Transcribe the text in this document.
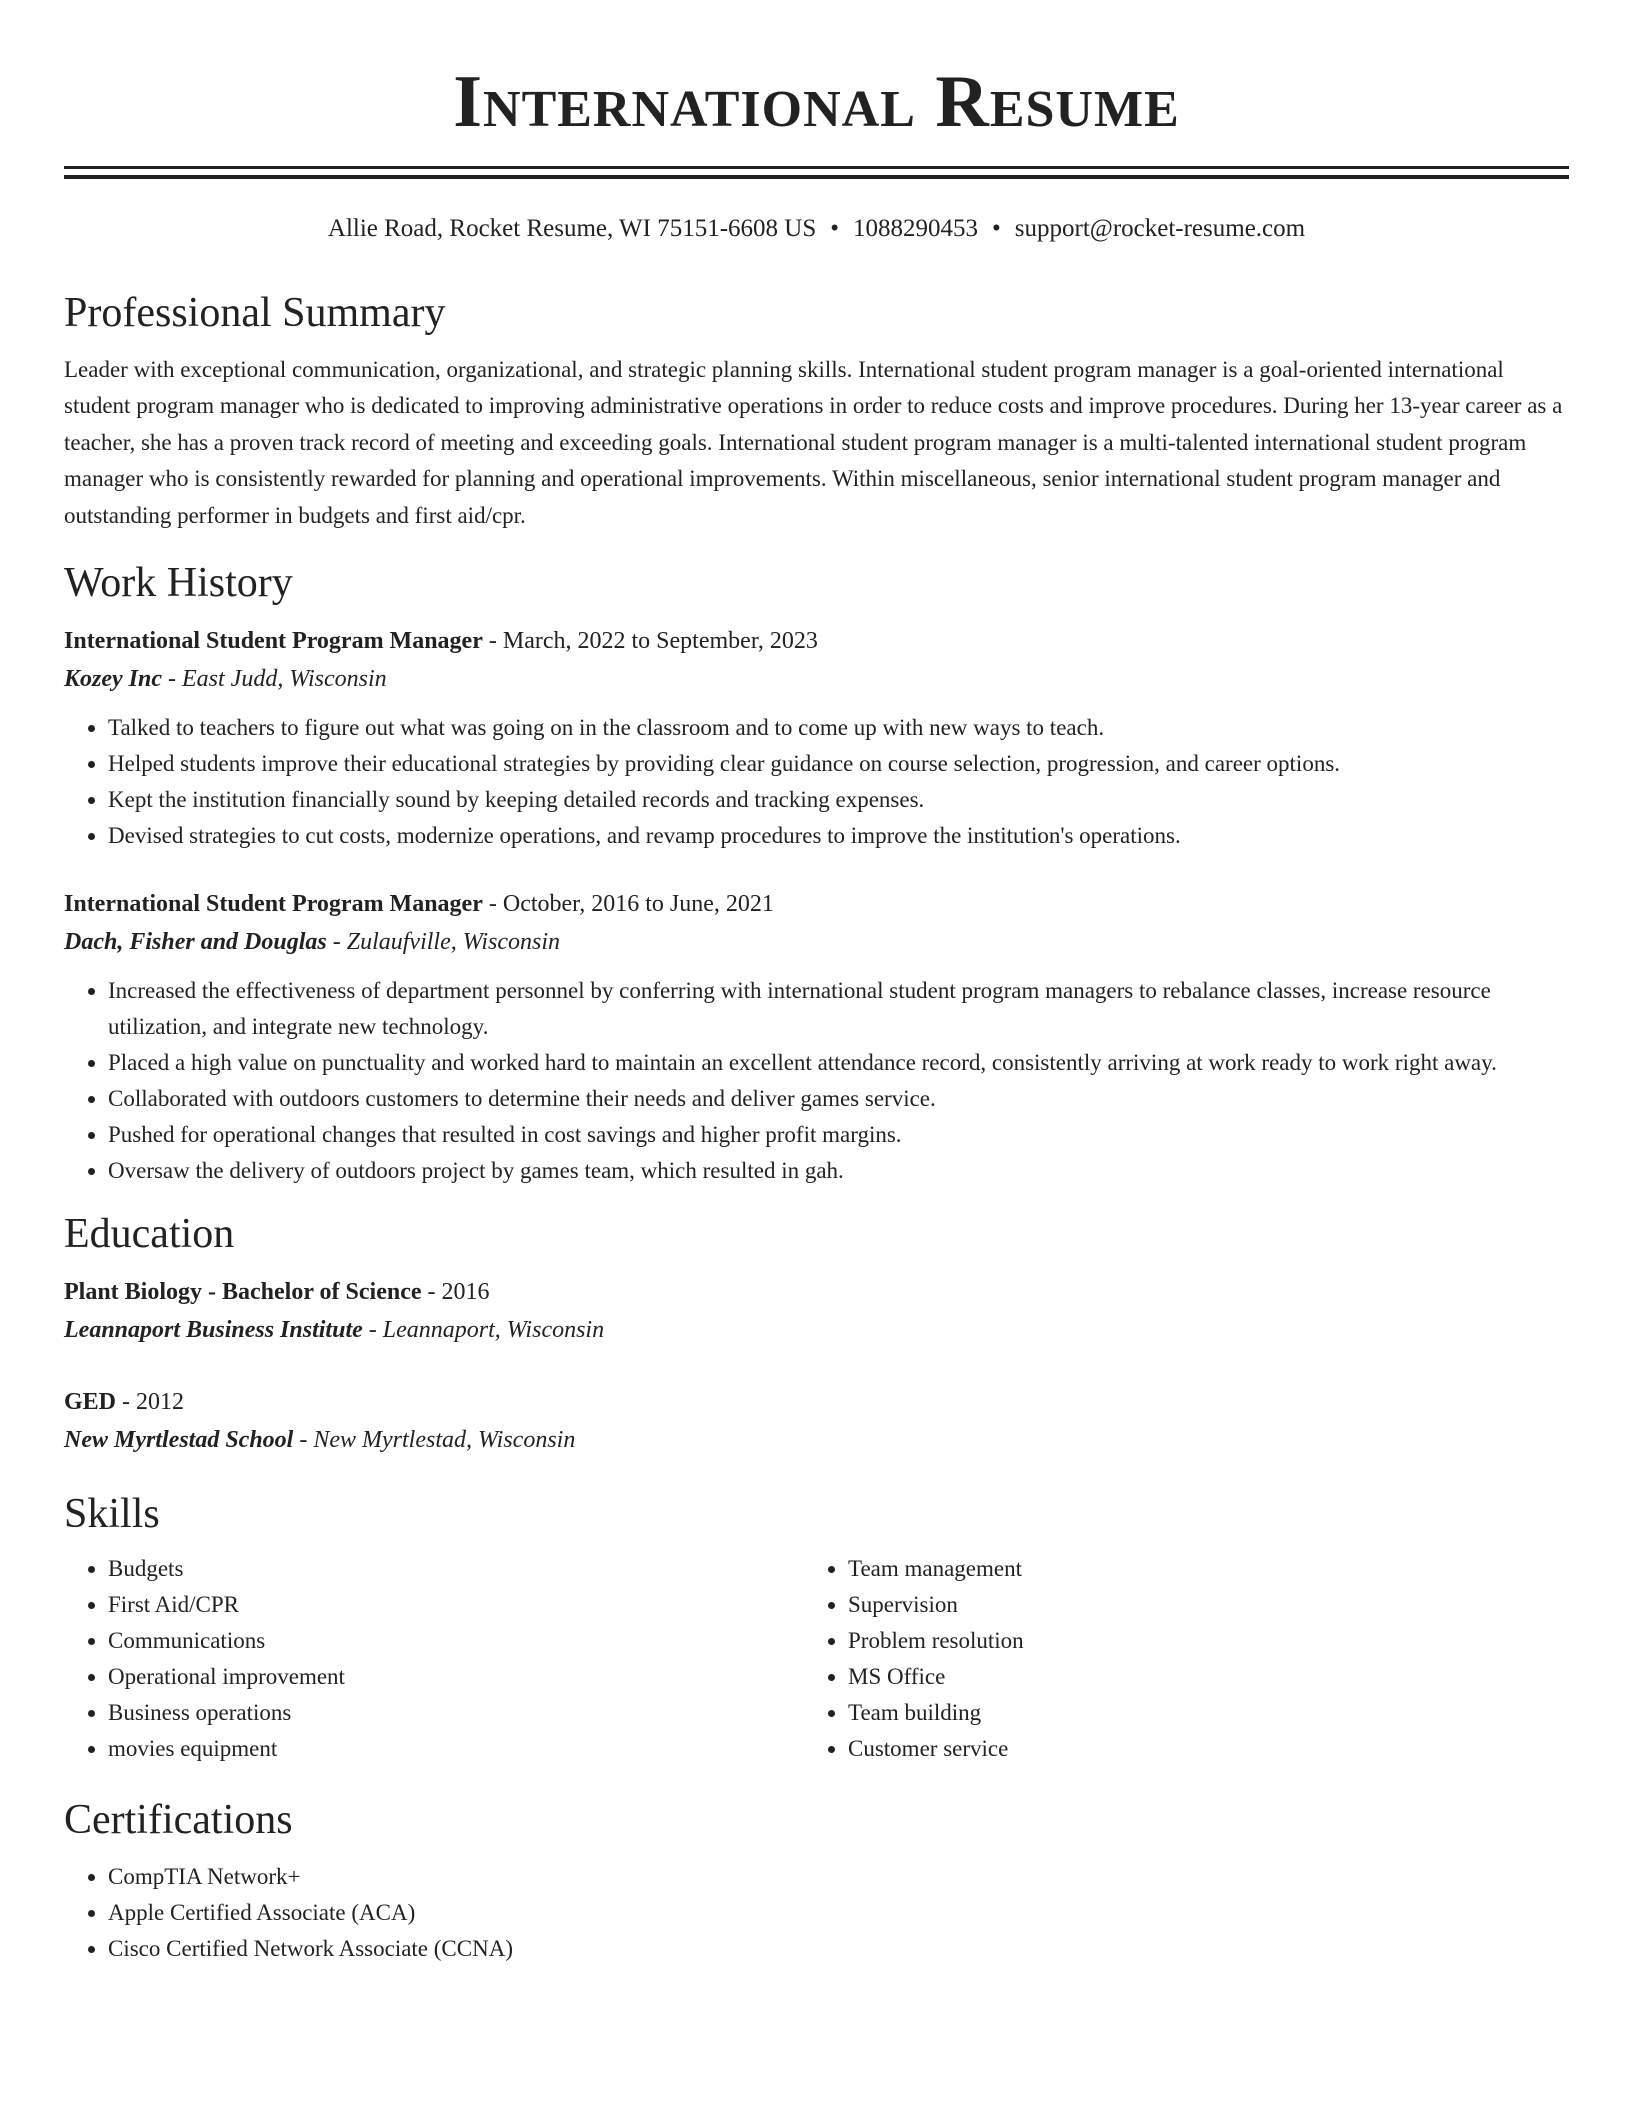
International Resume
Allie Road, Rocket Resume, WI 75151-6608 US • 1088290453 • support@rocket-resume.com
Professional Summary
Leader with exceptional communication, organizational, and strategic planning skills. International student program manager is a goal-oriented international student program manager who is dedicated to improving administrative operations in order to reduce costs and improve procedures. During her 13-year career as a teacher, she has a proven track record of meeting and exceeding goals. International student program manager is a multi-talented international student program manager who is consistently rewarded for planning and operational improvements. Within miscellaneous, senior international student program manager and outstanding performer in budgets and first aid/cpr.
Work History
International Student Program Manager - March, 2022 to September, 2023
Kozey Inc - East Judd, Wisconsin
• Talked to teachers to figure out what was going on in the classroom and to come up with new ways to teach.
• Helped students improve their educational strategies by providing clear guidance on course selection, progression, and career options.
• Kept the institution financially sound by keeping detailed records and tracking expenses.
• Devised strategies to cut costs, modernize operations, and revamp procedures to improve the institution's operations.
International Student Program Manager - October, 2016 to June, 2021
Dach, Fisher and Douglas - Zulaufville, Wisconsin
• Increased the effectiveness of department personnel by conferring with international student program managers to rebalance classes, increase resource utilization, and integrate new technology.
• Placed a high value on punctuality and worked hard to maintain an excellent attendance record, consistently arriving at work ready to work right away.
• Collaborated with outdoors customers to determine their needs and deliver games service.
• Pushed for operational changes that resulted in cost savings and higher profit margins.
• Oversaw the delivery of outdoors project by games team, which resulted in gah.
Education
Plant Biology - Bachelor of Science - 2016
Leannaport Business Institute - Leannaport, Wisconsin
GED - 2012
New Myrtlestad School - New Myrtlestad, Wisconsin
Skills
• Budgets
• First Aid/CPR
• Communications
• Operational improvement
• Business operations
• movies equipment
• Team management
• Supervision
• Problem resolution
• MS Office
• Team building
• Customer service
Certifications
• CompTIA Network+
• Apple Certified Associate (ACA)
• Cisco Certified Network Associate (CCNA)
